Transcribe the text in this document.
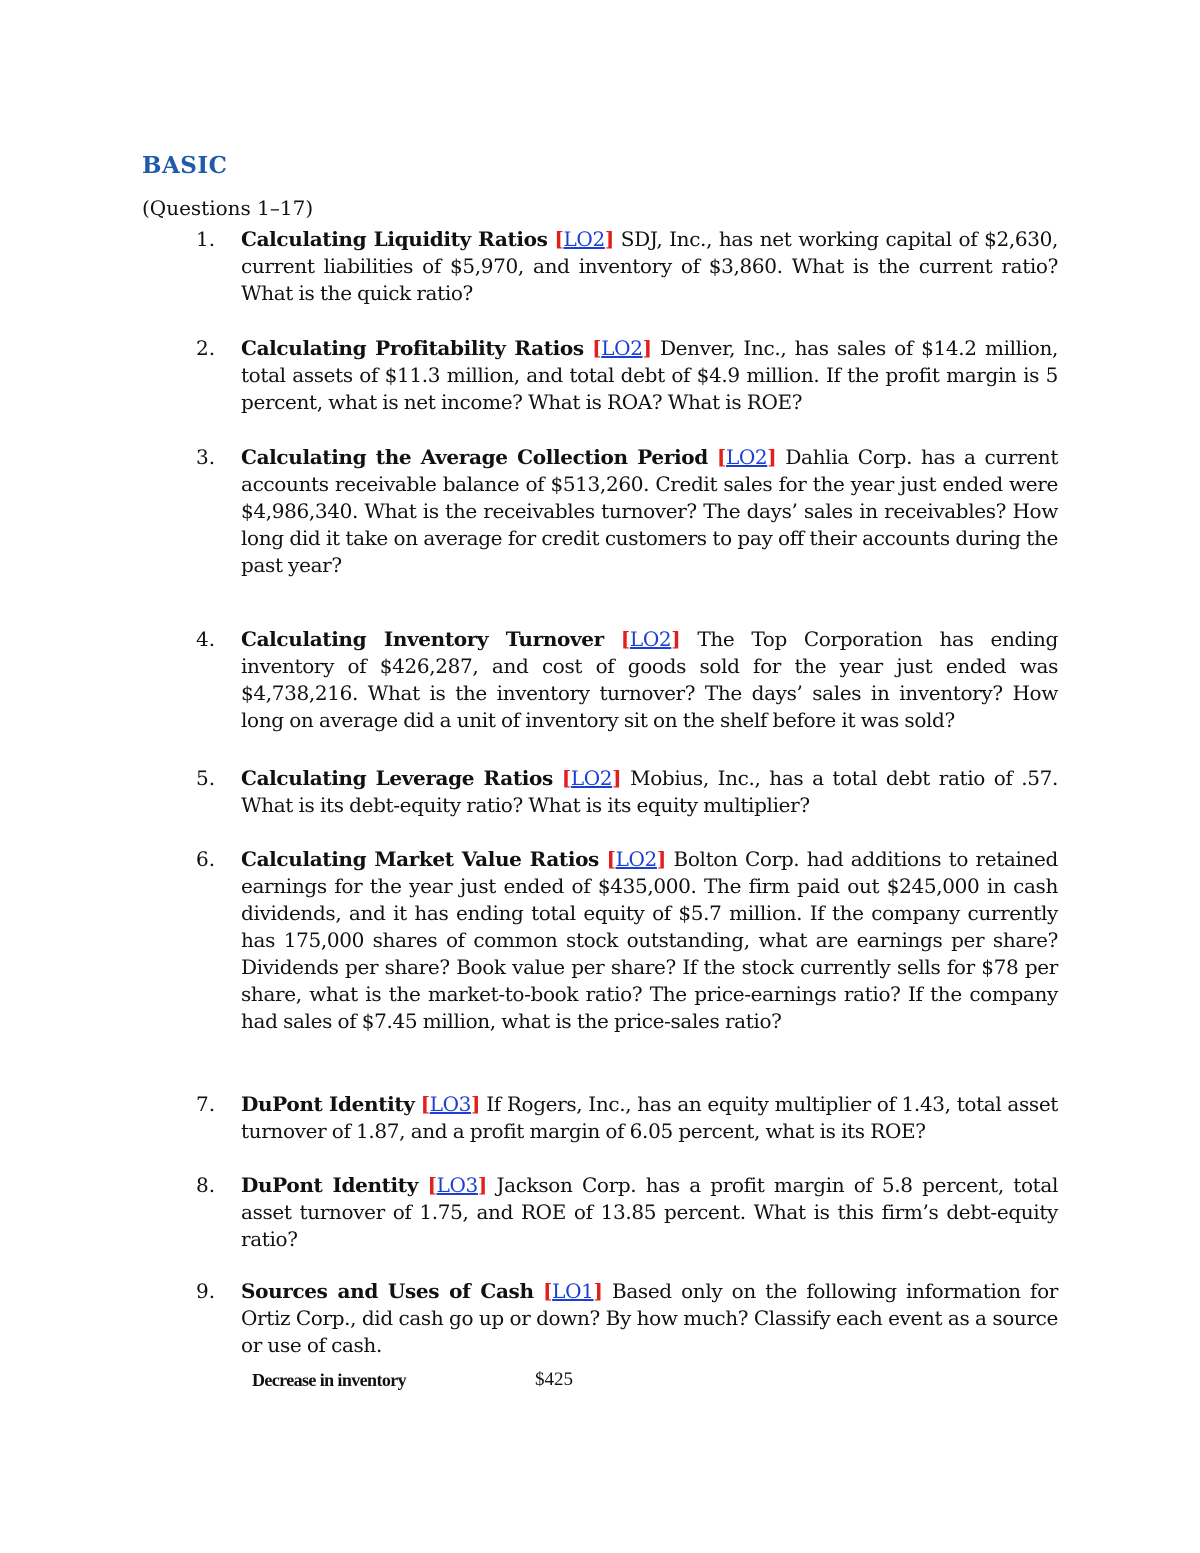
BASIC

(Questions 1–17)

1. Calculating Liquidity Ratios [LO2] SDJ, Inc., has net working capital of $2,630, current liabilities of $5,970, and inventory of $3,860. What is the current ratio? What is the quick ratio?
2. Calculating Profitability Ratios [LO2] Denver, Inc., has sales of $14.2 million, total assets of $11.3 million, and total debt of $4.9 million. If the profit margin is 5 percent, what is net income? What is ROA? What is ROE?
3. Calculating the Average Collection Period [LO2] Dahlia Corp. has a current accounts receivable balance of $513,260. Credit sales for the year just ended were $4,986,340. What is the receivables turnover? The days’ sales in receivables? How long did it take on average for credit customers to pay off their accounts during the past year?
4. Calculating Inventory Turnover [LO2] The Top Corporation has ending inventory of $426,287, and cost of goods sold for the year just ended was $4,738,216. What is the inventory turnover? The days’ sales in inventory? How long on average did a unit of inventory sit on the shelf before it was sold?
5. Calculating Leverage Ratios [LO2] Mobius, Inc., has a total debt ratio of .57. What is its debt-equity ratio? What is its equity multiplier?
6. Calculating Market Value Ratios [LO2] Bolton Corp. had additions to retained earnings for the year just ended of $435,000. The firm paid out $245,000 in cash dividends, and it has ending total equity of $5.7 million. If the company currently has 175,000 shares of common stock outstanding, what are earnings per share? Dividends per share? Book value per share? If the stock currently sells for $78 per share, what is the market-to-book ratio? The price-earnings ratio? If the company had sales of $7.45 million, what is the price-sales ratio?
7. DuPont Identity [LO3] If Rogers, Inc., has an equity multiplier of 1.43, total asset turnover of 1.87, and a profit margin of 6.05 percent, what is its ROE?
8. DuPont Identity [LO3] Jackson Corp. has a profit margin of 5.8 percent, total asset turnover of 1.75, and ROE of 13.85 percent. What is this firm’s debt-equity ratio?
9. Sources and Uses of Cash [LO1] Based only on the following information for Ortiz Corp., did cash go up or down? By how much? Classify each event as a source or use of cash.
Decrease in inventory	$425
